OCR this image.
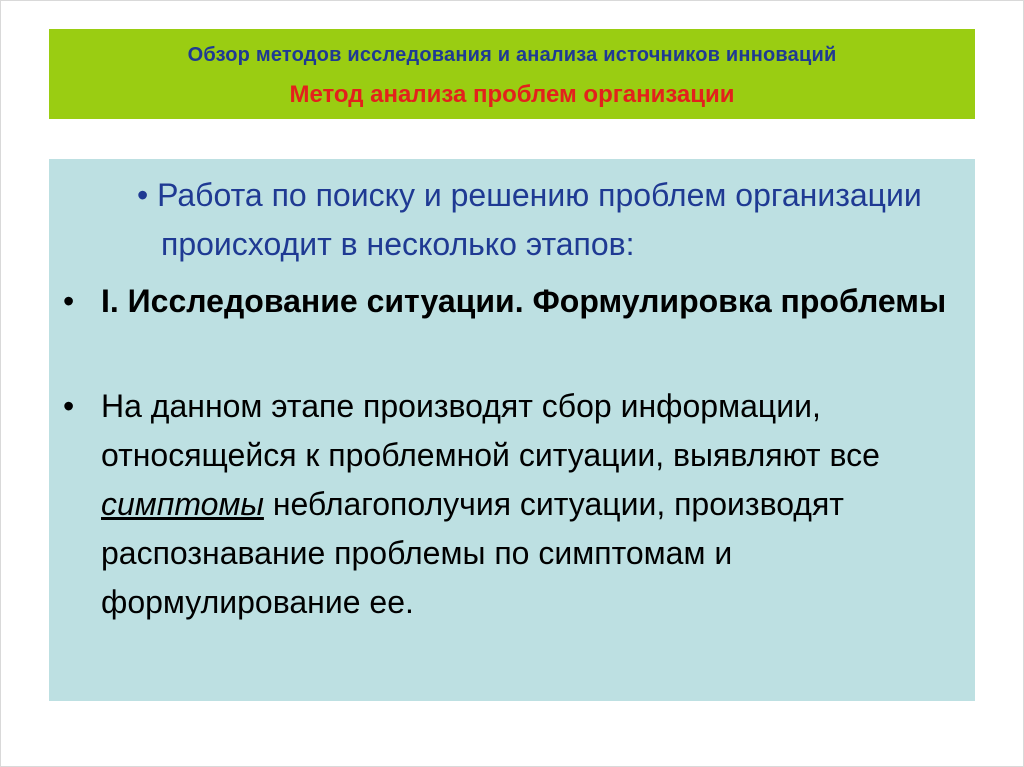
Обзор методов исследования и анализа источников инноваций
Метод анализа проблем организации
• Работа по поиску и решению проблем организации происходит в несколько этапов:
• I. Исследование ситуации. Формулировка проблемы
• На данном этапе производят сбор информации, относящейся к проблемной ситуации, выявляют все симптомы неблагополучия ситуации, производят распознавание проблемы по симптомам и формулирование ее.
